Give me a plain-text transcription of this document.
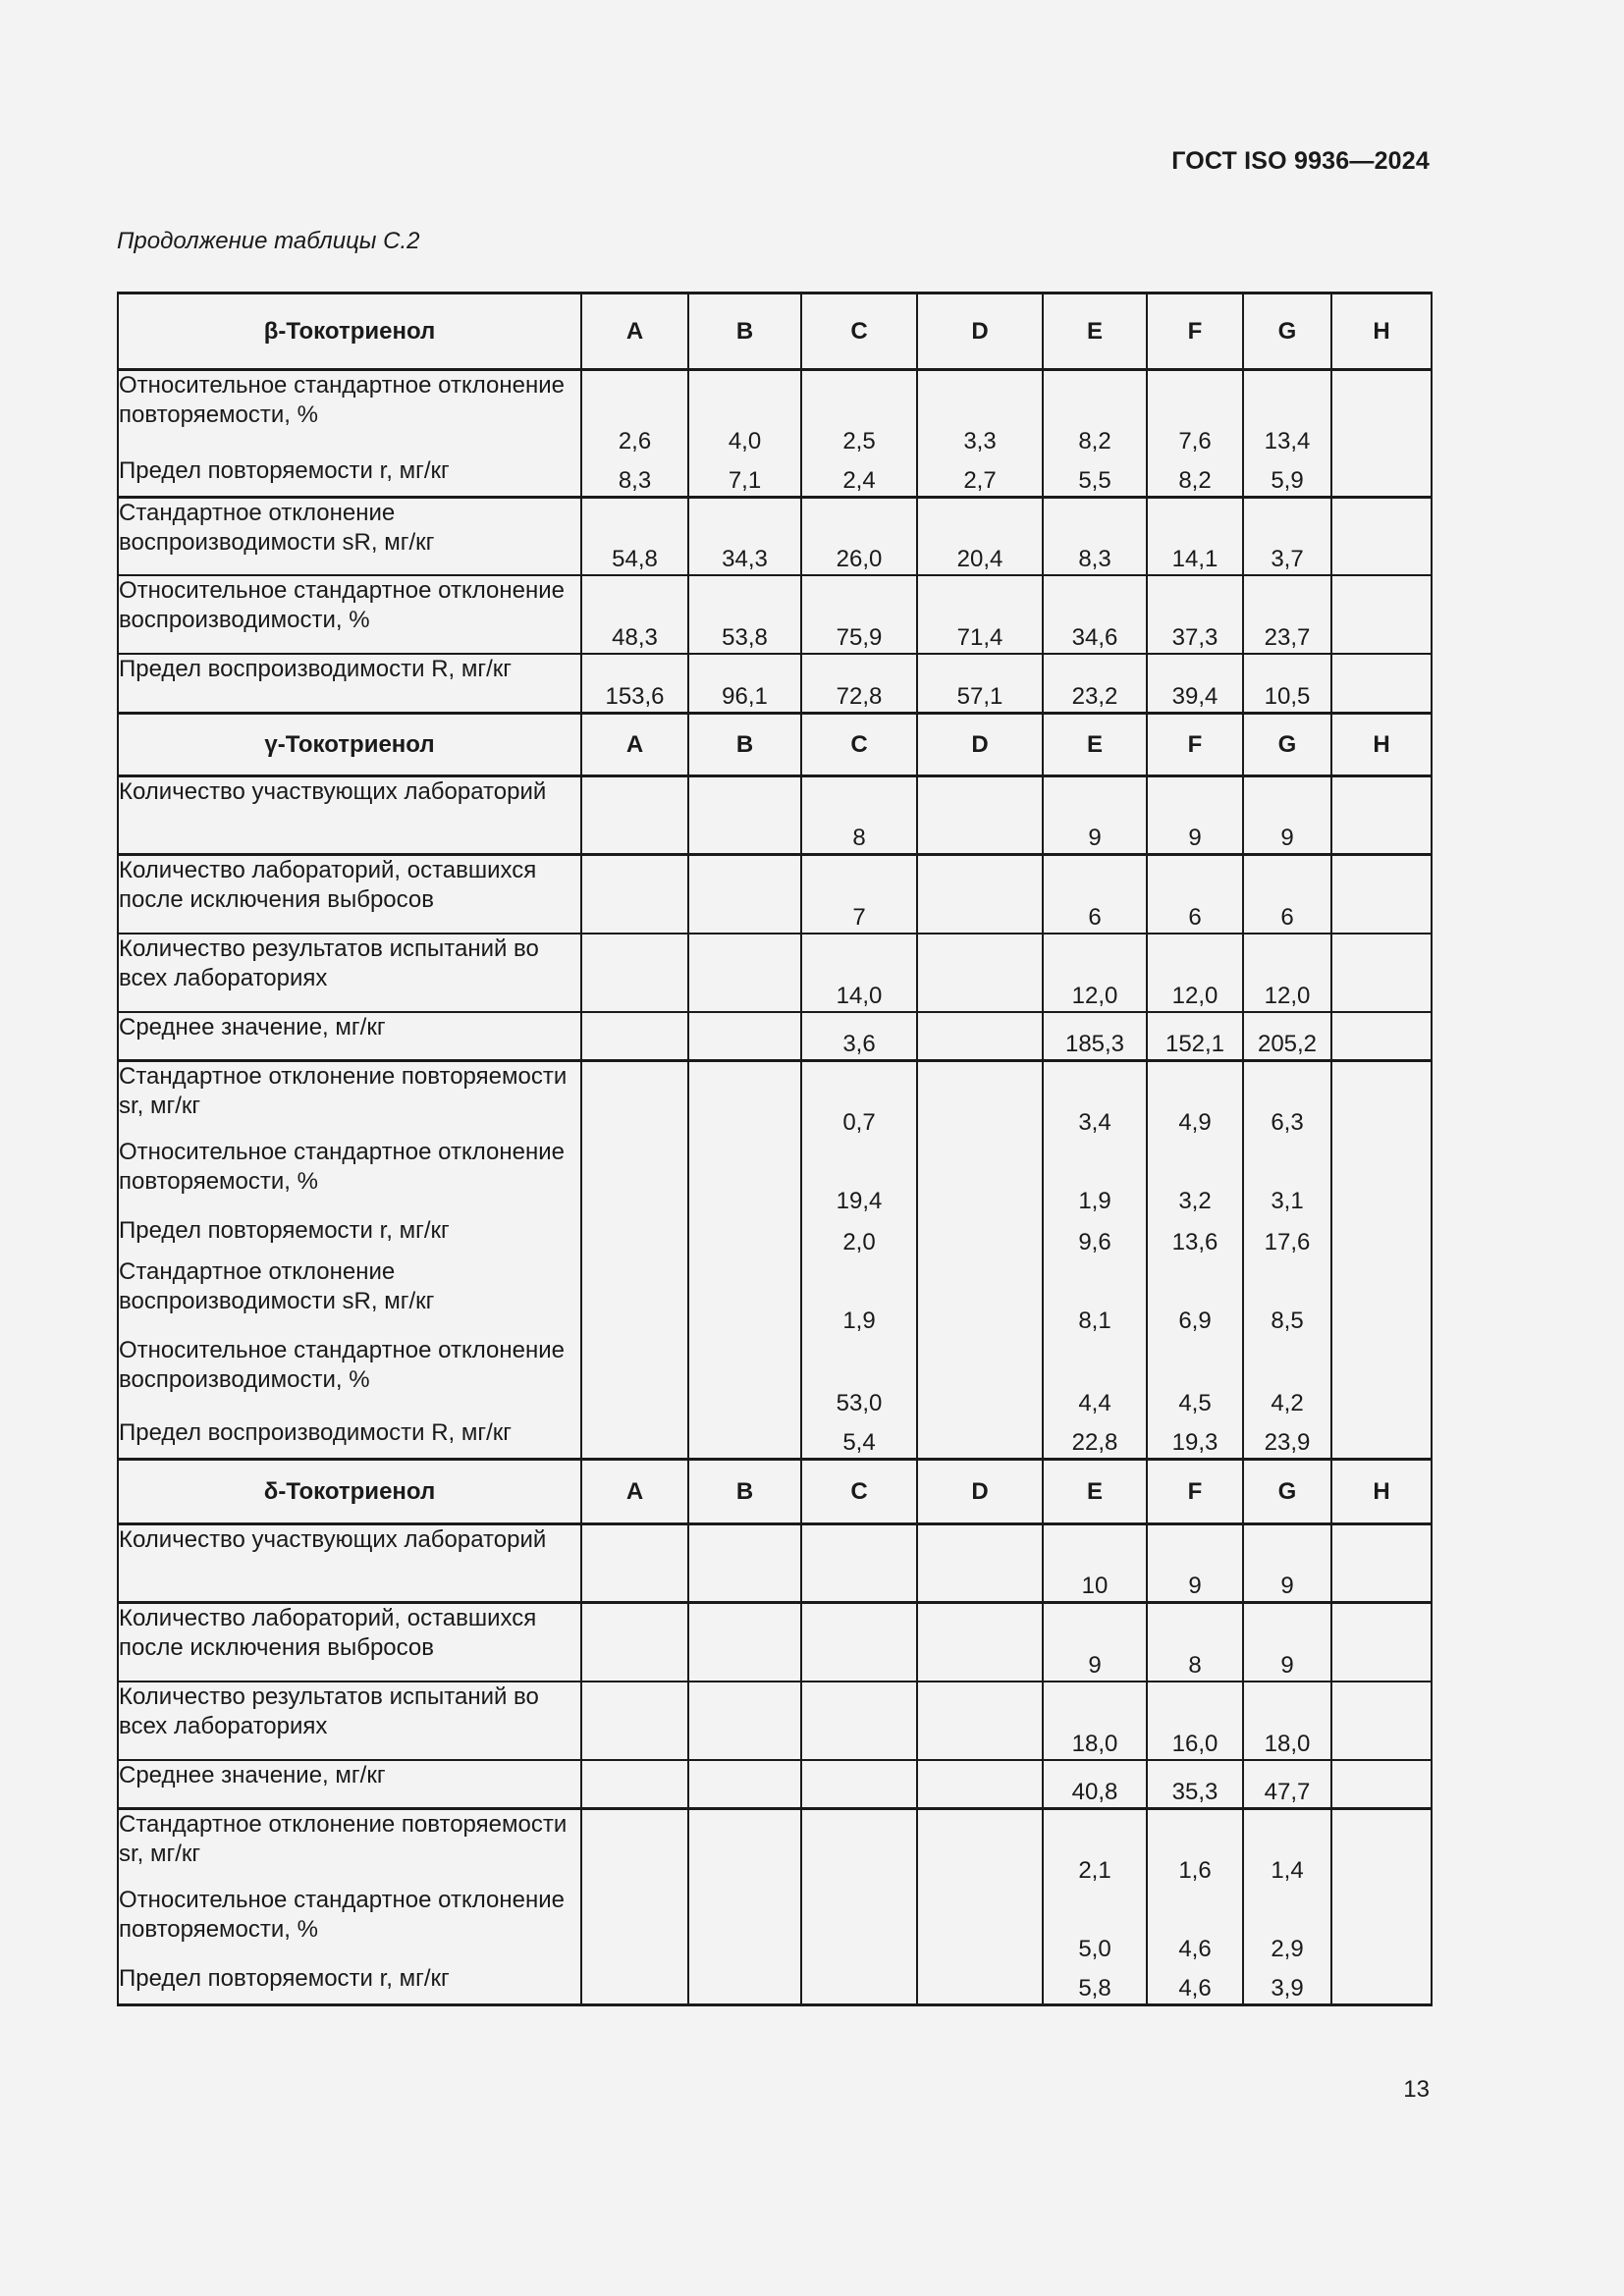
ГОСТ ISO 9936—2024
Продолжение таблицы С.2
β-Токотриенол	A	B	C	D	E	F	G	H
Относительное стандартное отклонение повторяемости, %	2,6	4,0	2,5	3,3	8,2	7,6	13,4	
Предел повторяемости r, мг/кг	8,3	7,1	2,4	2,7	5,5	8,2	5,9	
Стандартное отклонение воспроизводимости sR, мг/кг	54,8	34,3	26,0	20,4	8,3	14,1	3,7	
Относительное стандартное отклонение воспроизводимости, %	48,3	53,8	75,9	71,4	34,6	37,3	23,7	
Предел воспроизводимости R, мг/кг	153,6	96,1	72,8	57,1	23,2	39,4	10,5	
γ-Токотриенол	A	B	C	D	E	F	G	H
Количество участвующих лабораторий			8		9	9	9	
Количество лабораторий, оставшихся после исключения выбросов			7		6	6	6	
Количество результатов испытаний во всех лабораториях			14,0		12,0	12,0	12,0	
Среднее значение, мг/кг			3,6		185,3	152,1	205,2	
Стандартное отклонение повторяемости sr, мг/кг			0,7		3,4	4,9	6,3	
Относительное стандартное отклонение повторяемости, %			19,4		1,9	3,2	3,1	
Предел повторяемости r, мг/кг			2,0		9,6	13,6	17,6	
Стандартное отклонение воспроизводимости sR, мг/кг			1,9		8,1	6,9	8,5	
Относительное стандартное отклонение воспроизводимости, %			53,0		4,4	4,5	4,2	
Предел воспроизводимости R, мг/кг			5,4		22,8	19,3	23,9	
δ-Токотриенол	A	B	C	D	E	F	G	H
Количество участвующих лабораторий					10	9	9	
Количество лабораторий, оставшихся после исключения выбросов					9	8	9	
Количество результатов испытаний во всех лабораториях					18,0	16,0	18,0	
Среднее значение, мг/кг					40,8	35,3	47,7	
Стандартное отклонение повторяемости sr, мг/кг					2,1	1,6	1,4	
Относительное стандартное отклонение повторяемости, %					5,0	4,6	2,9	
Предел повторяемости r, мг/кг					5,8	4,6	3,9	
13
